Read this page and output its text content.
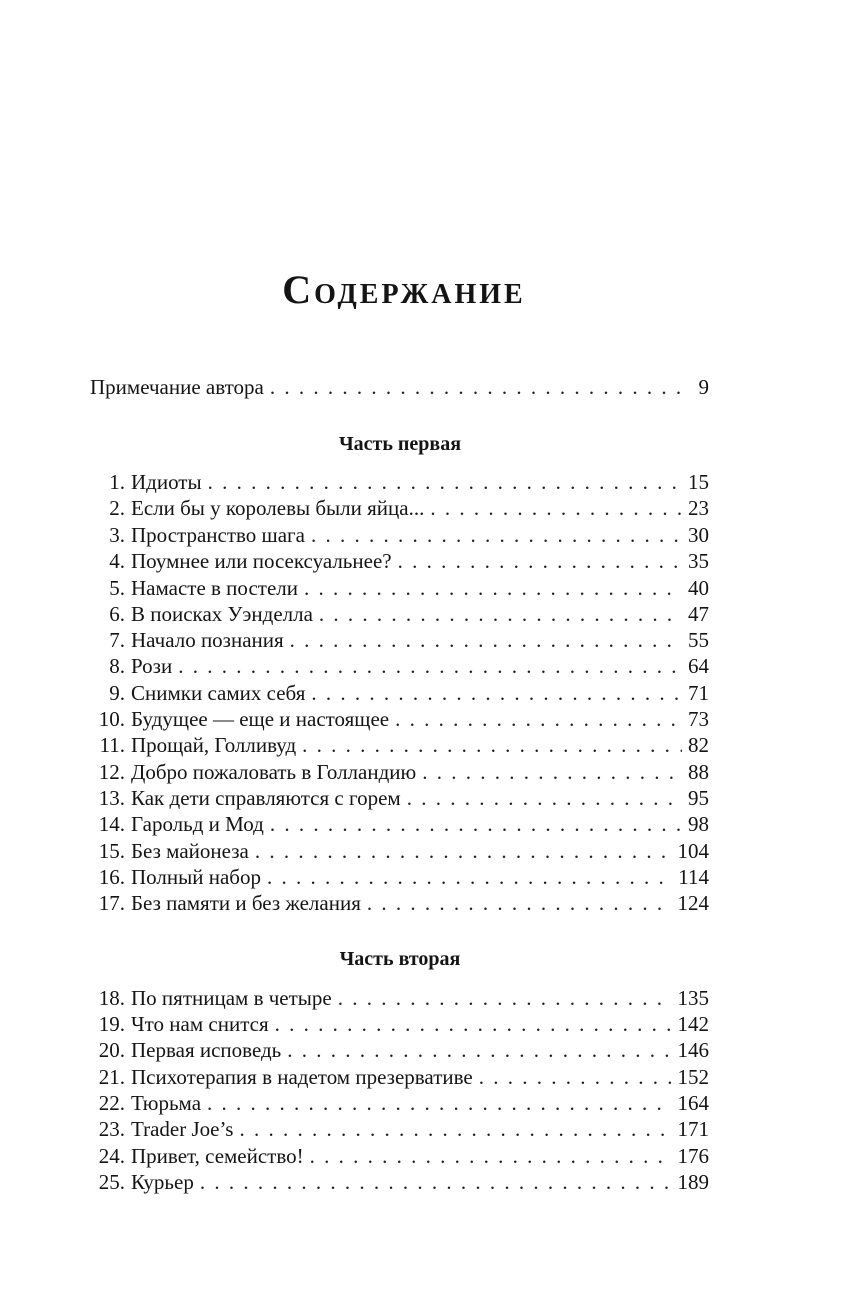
Содержание
Примечание автора . . .	9
Часть первая
1. Идиоты . . .	15
2. Если бы у королевы были яйца... . . .	23
3. Пространство шага . . .	30
4. Поумнее или посексуальнее? . . .	35
5. Намасте в постели . . .	40
6. В поисках Уэнделла . . .	47
7. Начало познания . . .	55
8. Рози . . .	64
9. Снимки самих себя . . .	71
10. Будущее — еще и настоящее . . .	73
11. Прощай, Голливуд . . .	82
12. Добро пожаловать в Голландию . . .	88
13. Как дети справляются с горем . . .	95
14. Гарольд и Мод . . .	98
15. Без майонеза . . .	104
16. Полный набор . . .	114
17. Без памяти и без желания . . .	124
Часть вторая
18. По пятницам в четыре . . .	135
19. Что нам снится . . .	142
20. Первая исповедь . . .	146
21. Психотерапия в надетом презервативе . . .	152
22. Тюрьма . . .	164
23. Trader Joe’s . . .	171
24. Привет, семейство! . . .	176
25. Курьер . . .	189
